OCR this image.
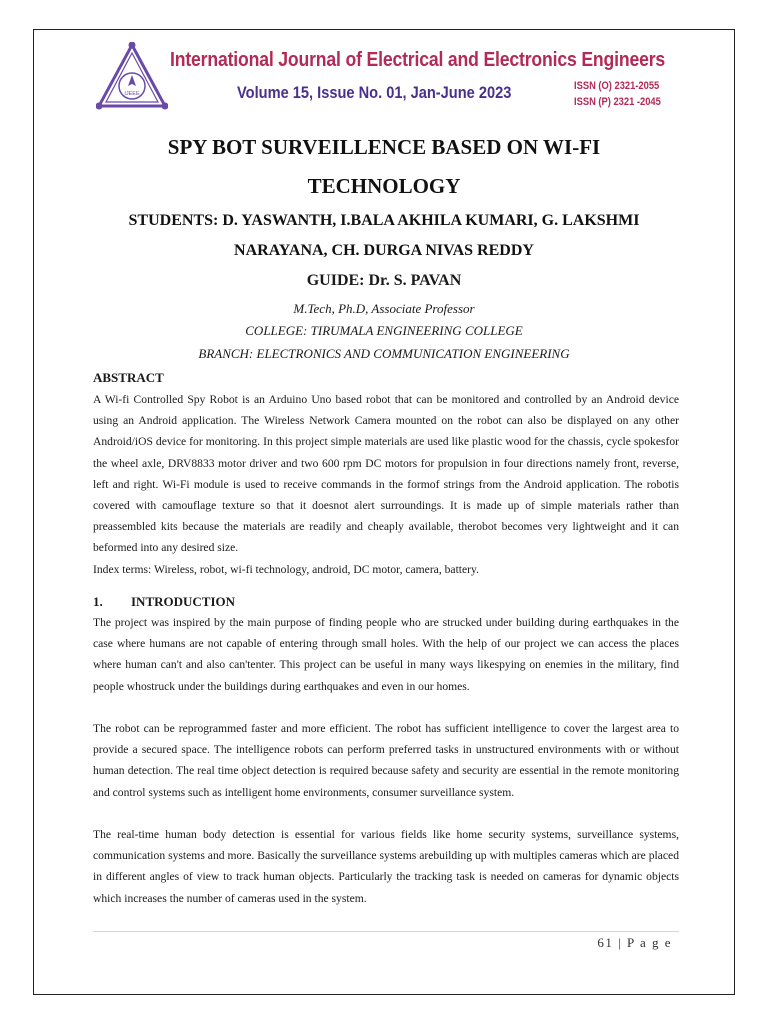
IJEEE
International Journal of Electrical and Electronics Engineers
Volume 15, Issue No. 01, Jan-June 2023	ISSN (O) 2321-2055
ISSN (P) 2321 -2045
SPY BOT SURVEILLENCE BASED ON WI-FI
TECHNOLOGY
STUDENTS: D. YASWANTH, I.BALA AKHILA KUMARI, G. LAKSHMI
NARAYANA, CH. DURGA NIVAS REDDY
GUIDE: Dr. S. PAVAN
M.Tech, Ph.D, Associate Professor
COLLEGE: TIRUMALA ENGINEERING COLLEGE
BRANCH: ELECTRONICS AND COMMUNICATION ENGINEERING
ABSTRACT

A Wi-fi Controlled Spy Robot is an Arduino Uno based robot that can be monitored and controlled by an Android device using an Android application. The Wireless Network Camera mounted on the robot can also be displayed on any other Android/iOS device for monitoring. In this project simple materials are used like plastic wood for the chassis, cycle spokesfor the wheel axle, DRV8833 motor driver and two 600 rpm DC motors for propulsion in four directions namely front, reverse, left and right. Wi-Fi module is used to receive commands in the formof strings from the Android application. The robotis covered with camouflage texture so that it doesnot alert surroundings. It is made up of simple materials rather than preassembled kits because the materials are readily and cheaply available, therobot becomes very lightweight and it can beformed into any desired size.

Index terms: Wireless, robot, wi-fi technology, android, DC motor, camera, battery.

1. INTRODUCTION

The project was inspired by the main purpose of finding people who are strucked under building during earthquakes in the case where humans are not capable of entering through small holes. With the help of our project we can access the places where human can't and also can'tenter. This project can be useful in many ways likespying on enemies in the military, find people whostruck under the buildings during earthquakes and even in our homes.

The robot can be reprogrammed faster and more efficient. The robot has sufficient intelligence to cover the largest area to provide a secured space. The intelligence robots can perform preferred tasks in unstructured environments with or without human detection. The real time object detection is required because safety and security are essential in the remote monitoring and control systems such as intelligent home environments, consumer surveillance system.

The real-time human body detection is essential for various fields like home security systems, surveillance systems, communication systems and more. Basically the surveillance systems arebuilding up with multiples cameras which are placed in different angles of view to track human objects. Particularly the tracking task is needed on cameras for dynamic objects which increases the number of cameras used in the system.

61 | P a g e
